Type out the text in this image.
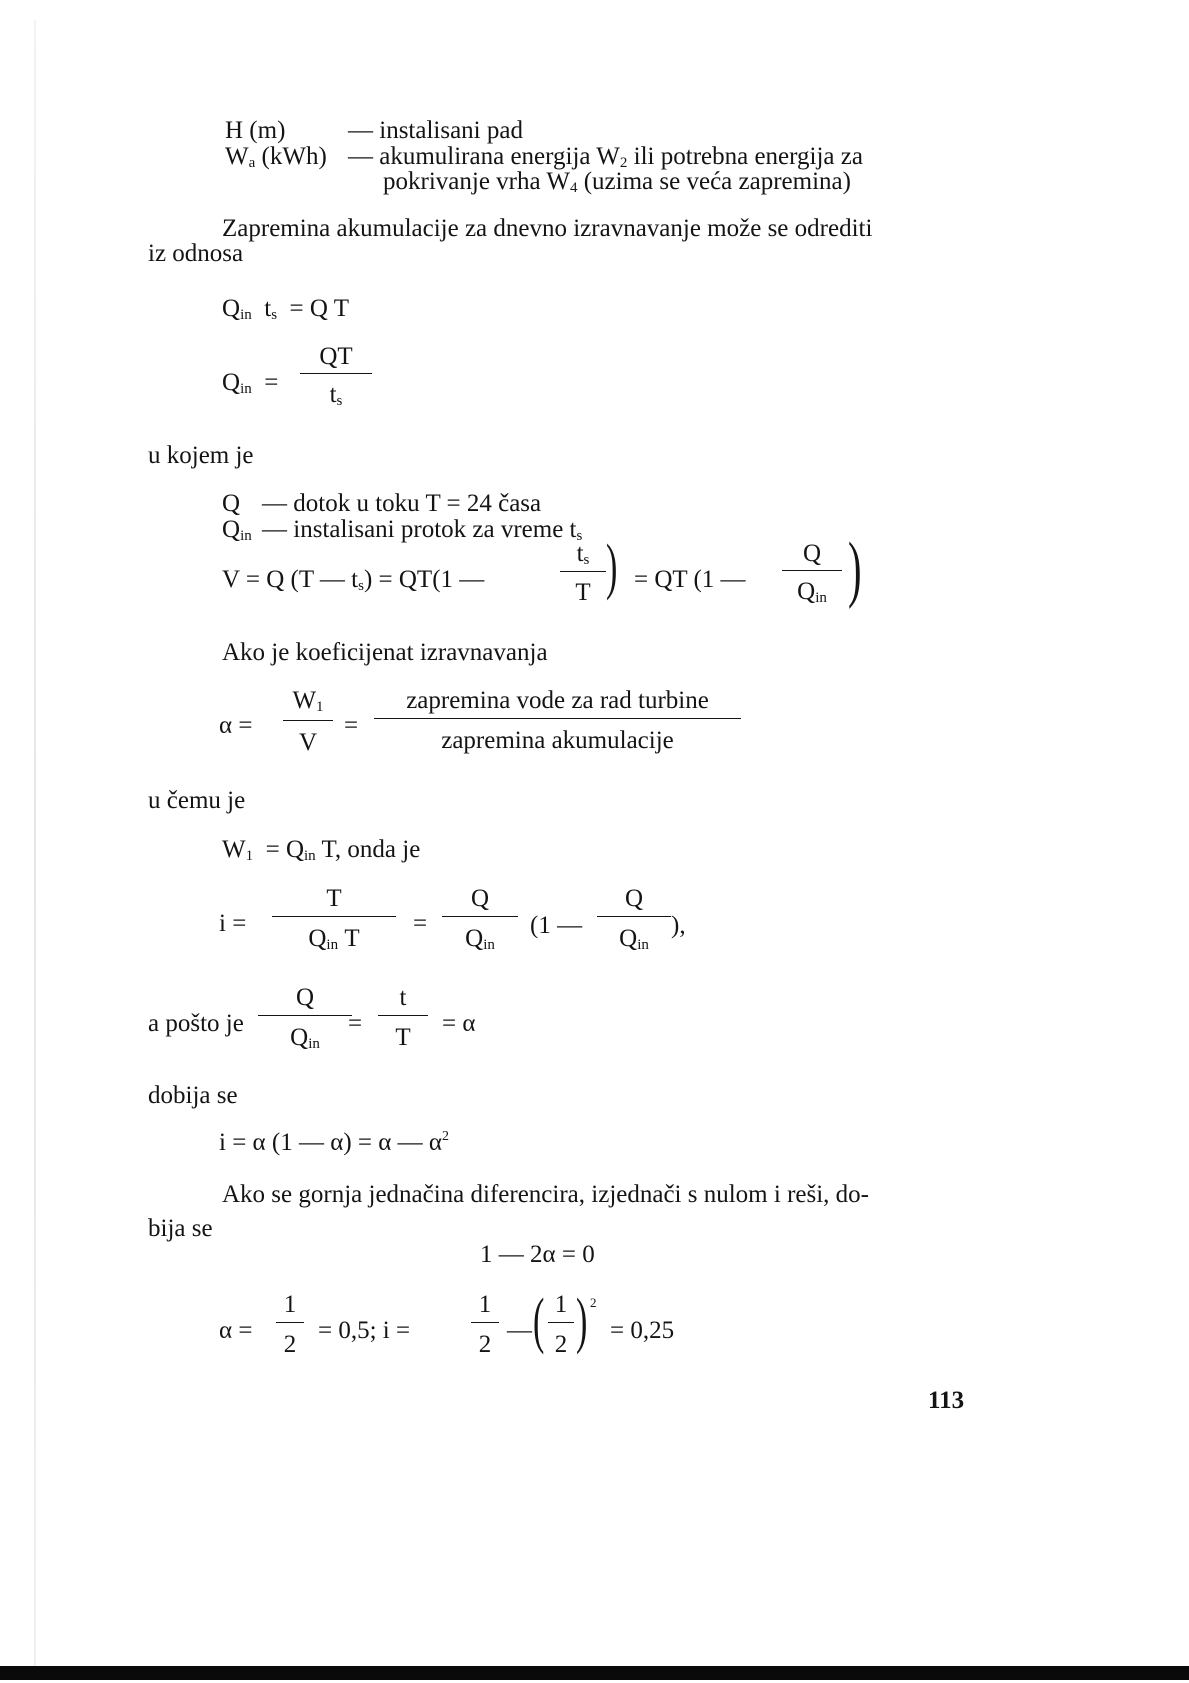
H (m)	— instalisani pad
$W_a$ (kWh) — akumulirana energija $W_2$ ili potrebna energija za
pokrivanje vrha $W_4$ (uzima se veća zapremina)
Zapremina akumulacije za dnevno izravnavanje može se odrediti
iz odnosa
$Q_{in}$ $t_s = Q$ T
$Q_{in}$ =
QT
$t_s$
u kojem je
Q — dotok u toku T = 24 časa
$Q_{in}$ — instalisani protok za vreme $t_s$
V = Q (T — $t_s) = QT(1$ —
$t_s$
T ) = QT (1 —
Q
$Q_{in}$ )
Ako je koeficijenat izravnavanja
α =
$W_1$
V
=
zapremina vode za rad turbine
zapremina akumulacije
u čemu je
$W_1 = Q_{in}$ T, onda je
i =
T
$Q_{in}$ T
=
Q
$Q_{in}$
(1 —
Q
$Q_{in}$
),
a pošto je
Q
$Q_{in}$
=
t
T
= α
dobija se
i = α (1 — α) = α — $\alpha^2$
Ako se gornja jednačina diferencira, izjednači s nulom i reši, do-
bija se
1 — 2α = 0
α =
1
2
= 0,5; i =
1
2
— ( 1
2 ) 2
= 0,25
113
